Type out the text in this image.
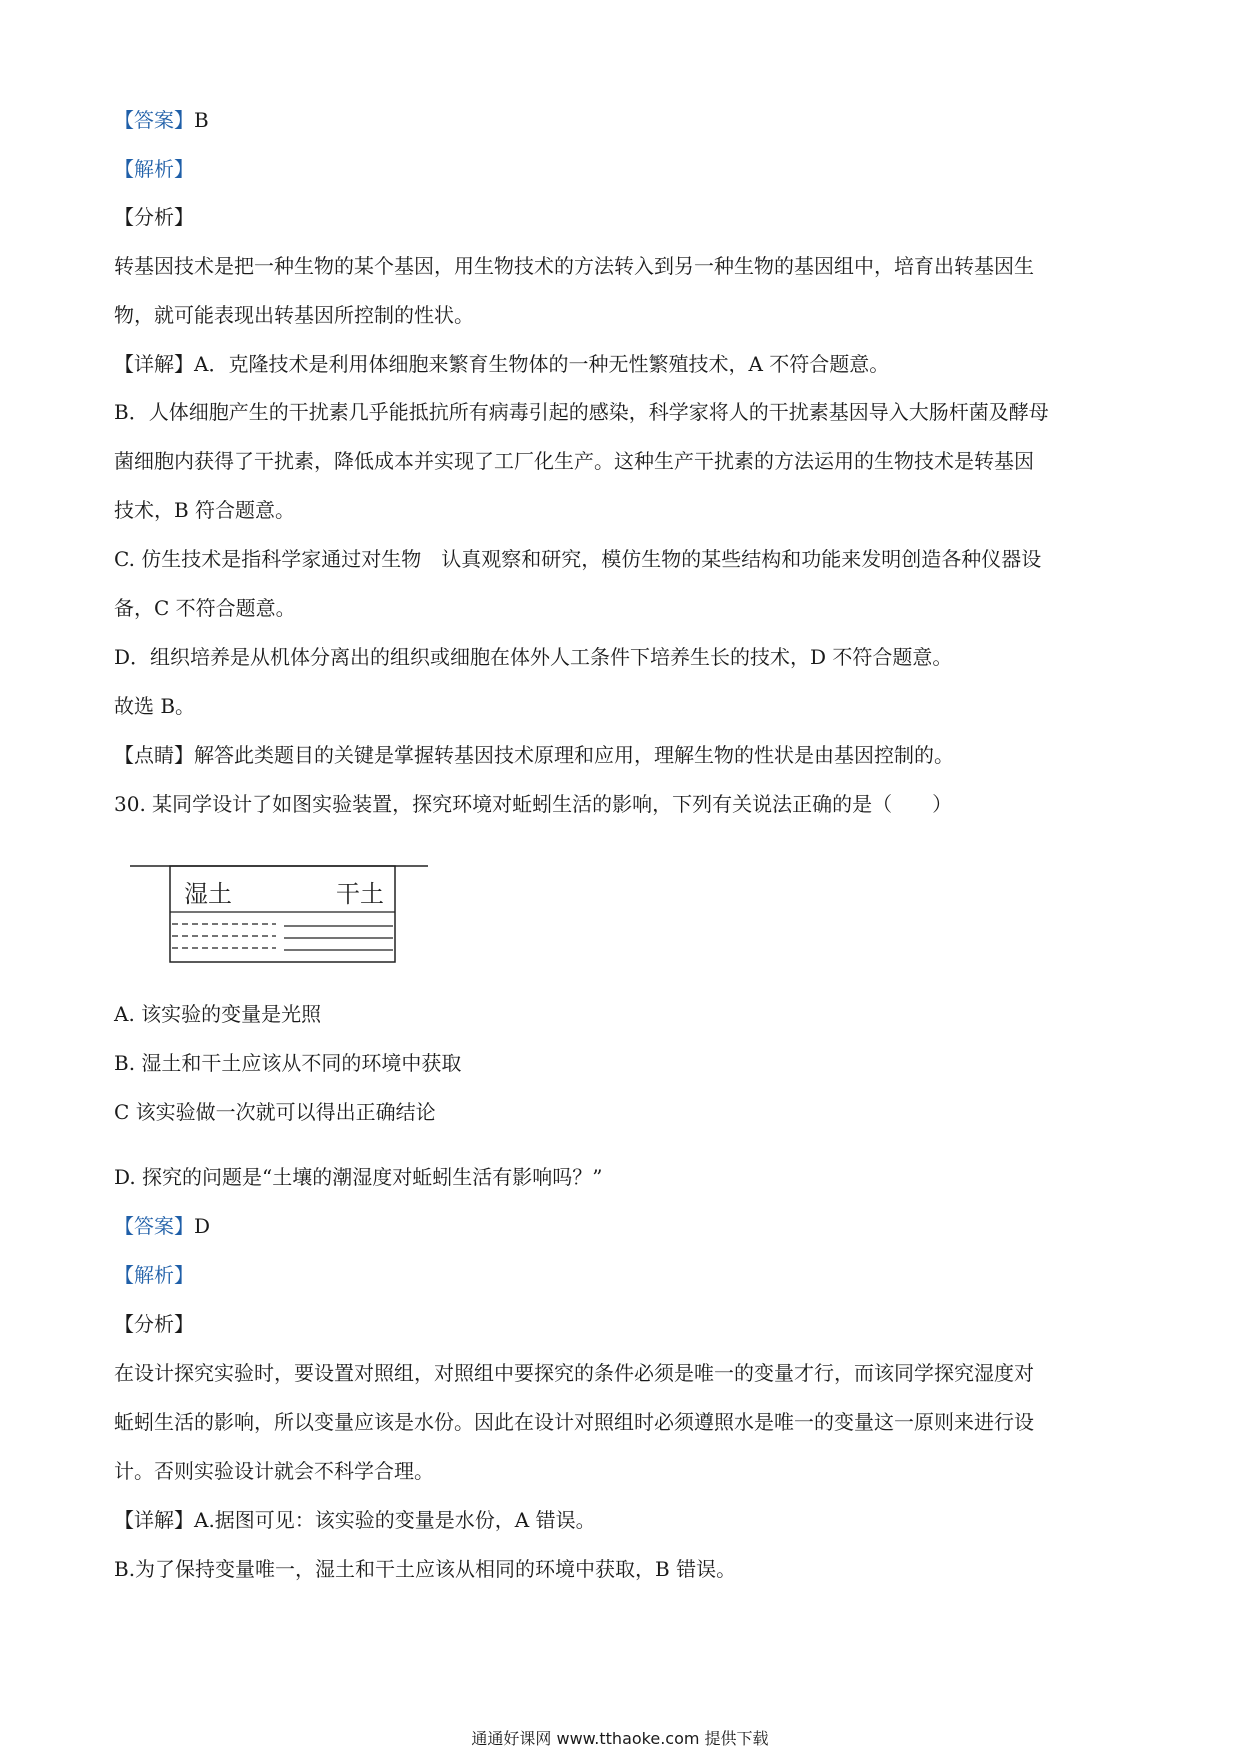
【答案】B
【解析】
【分析】
转基因技术是把一种生物的某个基因，用生物技术的方法转入到另一种生物的基因组中，培育出转基因生
物，就可能表现出转基因所控制的性状。
【详解】A．克隆技术是利用体细胞来繁育生物体的一种无性繁殖技术，A 不符合题意。
B．人体细胞产生的干扰素几乎能抵抗所有病毒引起的感染，科学家将人的干扰素基因导入大肠杆菌及酵母
菌细胞内获得了干扰素，降低成本并实现了工厂化生产。这种生产干扰素的方法运用的生物技术是转基因
技术，B 符合题意。
C. 仿生技术是指科学家通过对生物　认真观察和研究，模仿生物的某些结构和功能来发明创造各种仪器设
备，C 不符合题意。
D．组织培养是从机体分离出的组织或细胞在体外人工条件下培养生长的技术，D 不符合题意。
故选 B。
【点睛】解答此类题目的关键是掌握转基因技术原理和应用，理解生物的性状是由基因控制的。
30. 某同学设计了如图实验装置，探究环境对蚯蚓生活的影响，下列有关说法正确的是（　　）
A. 该实验的变量是光照
B. 湿土和干土应该从不同的环境中获取
C 该实验做一次就可以得出正确结论
D. 探究的问题是“土壤的潮湿度对蚯蚓生活有影响吗？”
【答案】D
【解析】
【分析】
在设计探究实验时，要设置对照组，对照组中要探究的条件必须是唯一的变量才行，而该同学探究湿度对
蚯蚓生活的影响，所以变量应该是水份。因此在设计对照组时必须遵照水是唯一的变量这一原则来进行设
计。否则实验设计就会不科学合理。
【详解】A.据图可见：该实验的变量是水份，A 错误。
B.为了保持变量唯一，湿土和干土应该从相同的环境中获取，B 错误。
湿土	干土
通通好课网 www.tthaoke.com 提供下载
